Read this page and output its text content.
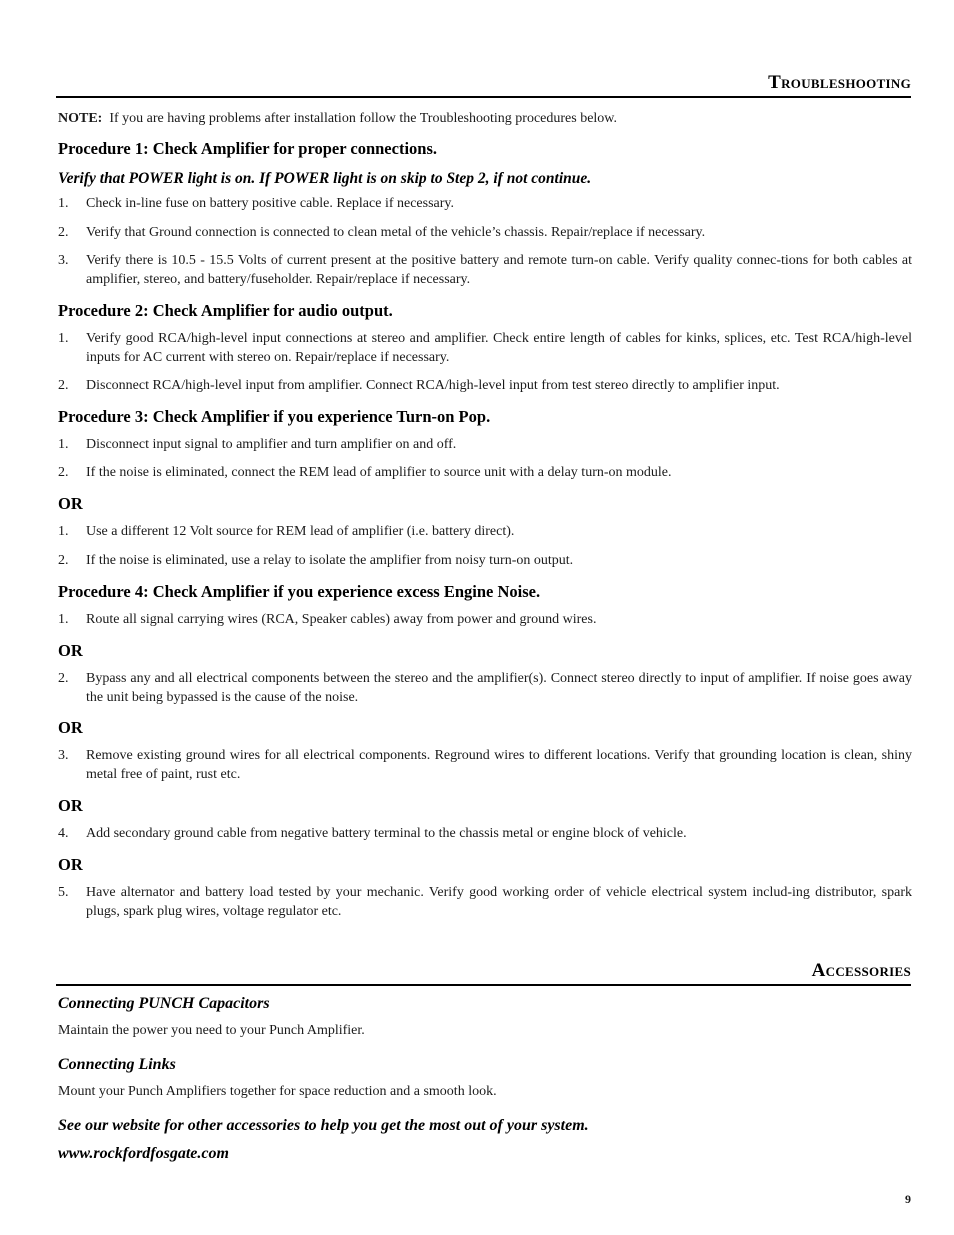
Troubleshooting
NOTE: If you are having problems after installation follow the Troubleshooting procedures below.
Procedure 1: Check Amplifier for proper connections.
Verify that POWER light is on. If POWER light is on skip to Step 2, if not continue.
1. Check in-line fuse on battery positive cable. Replace if necessary.
2. Verify that Ground connection is connected to clean metal of the vehicle’s chassis. Repair/replace if necessary.
3. Verify there is 10.5 - 15.5 Volts of current present at the positive battery and remote turn-on cable. Verify quality connec-tions for both cables at amplifier, stereo, and battery/fuseholder. Repair/replace if necessary.
Procedure 2: Check Amplifier for audio output.
1. Verify good RCA/high-level input connections at stereo and amplifier. Check entire length of cables for kinks, splices, etc. Test RCA/high-level inputs for AC current with stereo on. Repair/replace if necessary.
2. Disconnect RCA/high-level input from amplifier. Connect RCA/high-level input from test stereo directly to amplifier input.
Procedure 3: Check Amplifier if you experience Turn-on Pop.
1. Disconnect input signal to amplifier and turn amplifier on and off.
2. If the noise is eliminated, connect the REM lead of amplifier to source unit with a delay turn-on module.
OR
1. Use a different 12 Volt source for REM lead of amplifier (i.e. battery direct).
2. If the noise is eliminated, use a relay to isolate the amplifier from noisy turn-on output.
Procedure 4: Check Amplifier if you experience excess Engine Noise.
1. Route all signal carrying wires (RCA, Speaker cables) away from power and ground wires.
OR
2. Bypass any and all electrical components between the stereo and the amplifier(s). Connect stereo directly to input of amplifier. If noise goes away the unit being bypassed is the cause of the noise.
OR
3. Remove existing ground wires for all electrical components. Reground wires to different locations. Verify that grounding location is clean, shiny metal free of paint, rust etc.
OR
4. Add secondary ground cable from negative battery terminal to the chassis metal or engine block of vehicle.
OR
5. Have alternator and battery load tested by your mechanic. Verify good working order of vehicle electrical system includ-ing distributor, spark plugs, spark plug wires, voltage regulator etc.
Accessories
Connecting PUNCH Capacitors
Maintain the power you need to your Punch Amplifier.
Connecting Links
Mount your Punch Amplifiers together for space reduction and a smooth look.
See our website for other accessories to help you get the most out of your system.
www.rockfordfosgate.com
9
